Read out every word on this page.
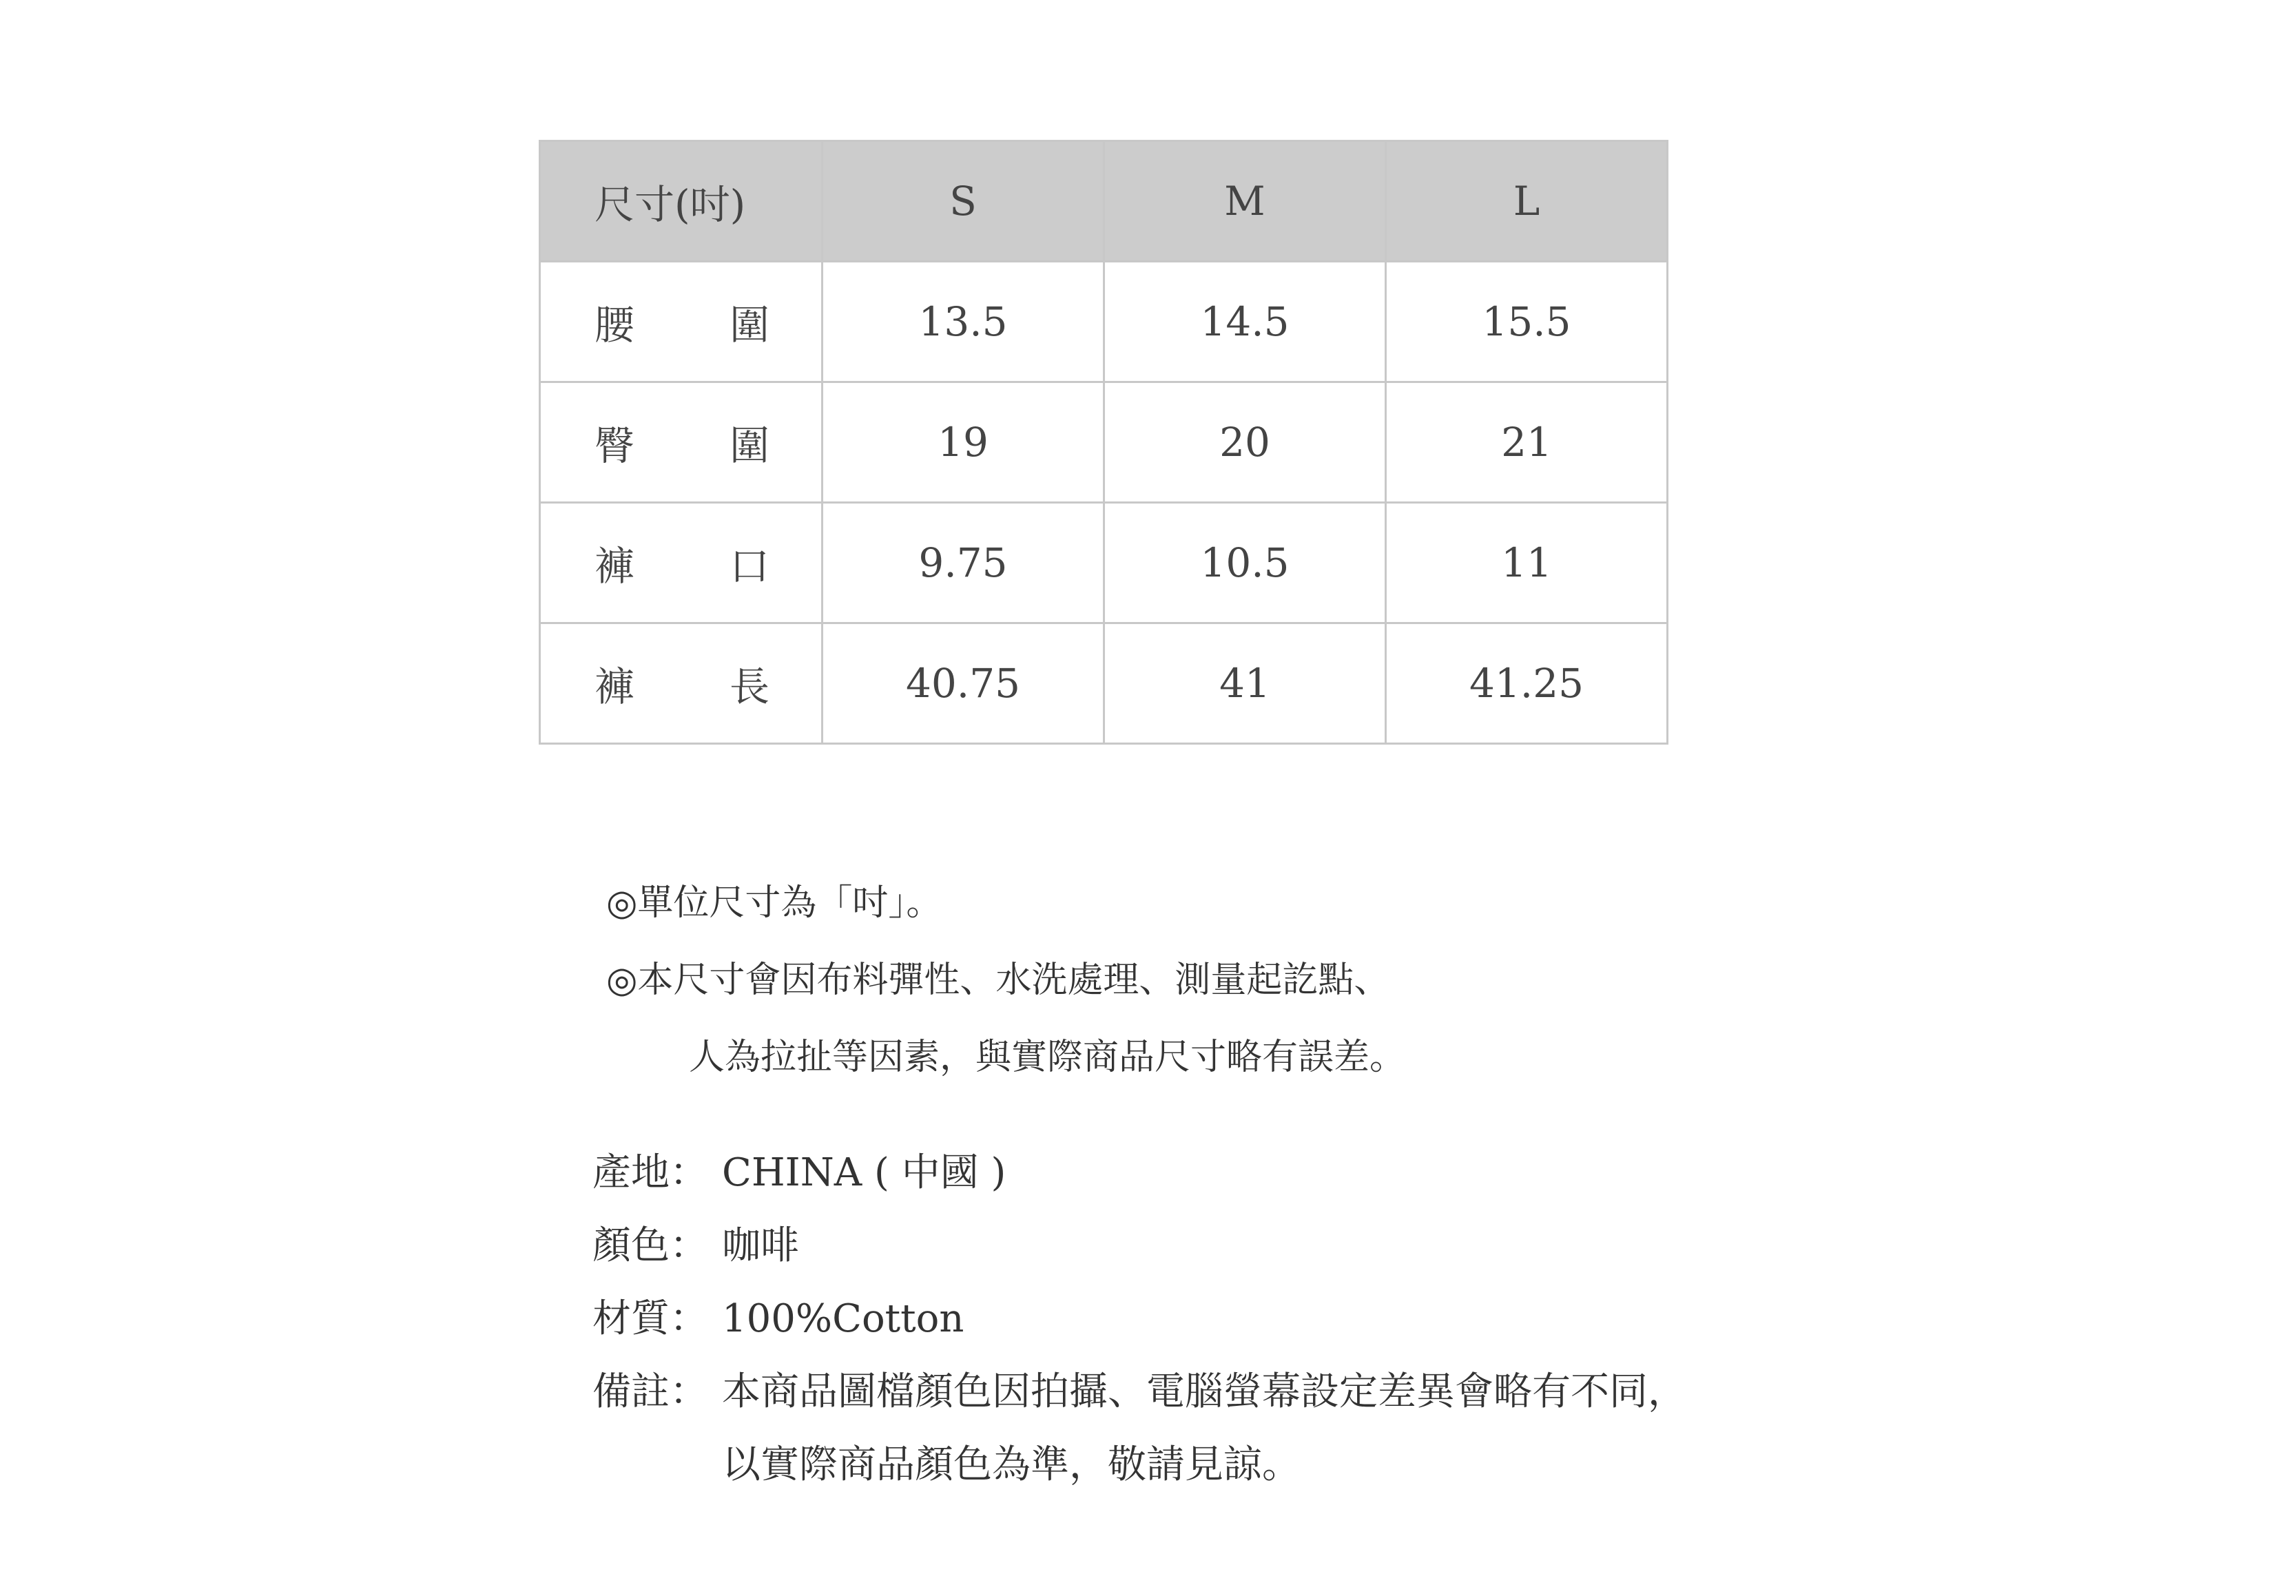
尺寸(吋)	S	M	L

腰 圍	13.5	14.5	15.5

臀 圍	19	20	21

褲 口	9.75	10.5	11

褲 長	40.75	41	41.25
◎單位尺寸為「吋」。
◎本尺寸會因布料彈性、水洗處理、測量起訖點、
人為拉扯等因素，與實際商品尺寸略有誤差。
產地： CHINA ( 中國 )
顏色： 咖啡
材質： 100%Cotton
備註： 本商品圖檔顏色因拍攝、電腦螢幕設定差異會略有不同，
以實際商品顏色為準，敬請見諒。
